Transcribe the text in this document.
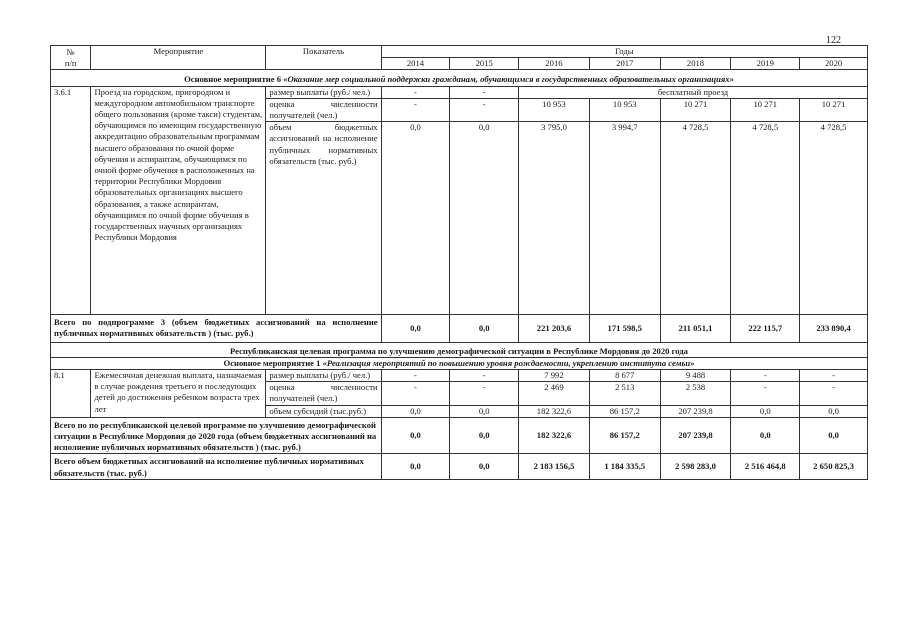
122
№
п/п	Мероприятие	Показатель	Годы						
			2014	2015	2016	2017	2018	2019	2020
Основное мероприятие 6 «Оказание мер социальной поддержки гражданам, обучающимся в государственных образовательных организациях»									
3.6.1	Проезд на городском, пригородном и междугородном автомобильном транспорте общего пользования (кроме такси) студентам, обучающимся по имеющим государственную аккредитацию образовательным программам высшего образования по очной форме обучения и аспирантам, обучающимся по очной форме обучения в расположенных на территории Республики Мордовия образовательных организациях высшего образования, а также аспирантам, обучающимся по очной форме обучения в государственных научных организациях Республики Мордовия	размер выплаты (руб./ чел.)	-	-	бесплатный проезд				
		оценка численности получателей (чел.)	-	-	10 953	10 953	10 271	10 271	10 271
		объем бюджетных ассигнований на исполнение публичных нормативных обязательств (тыс. руб.)	0,0	0,0	3 795,0	3 994,7	4 728,5	4 728,5	4 728,5
Всего по подпрограмме 3 (объем бюджетных ассигнований на исполнение публичных нормативных обязательств ) (тыс. руб.)			0,0	0,0	221 203,6	171 598,5	211 051,1	222 115,7	233 890,4
Республиканская целевая программа по улучшению демографической ситуации в Республике Мордовия до 2020 года									
Основное мероприятие 1 «Реализация мероприятий по повышению уровня рождаемости, укреплению института семьи»									
8.1	Ежемесячная денежная выплата, назначаемая в случае рождения третьего и последующих детей до достижения ребенком возраста трех лет	размер выплаты (руб./ чел.)	-	-	7 992	8 677	9 488	-	-
		оценка численности получателей (чел.)	-	-	2 469	2 513	2 538	-	-
		объем субсидий (тыс.руб.)	0,0	0,0	182 322,6	86 157,2	207 239,8	0,0	0,0
Всего по по республиканской целевой программе по улучшению демографической ситуации в Республике Мордовия до 2020 года (объем бюджетных ассигнований на исполнение публичных нормативных обязательств ) (тыс. руб.)			0,0	0,0	182 322,6	86 157,2	207 239,8	0,0	0,0
Всего объем бюджетных ассигнований на исполнение публичных нормативных обязательств (тыс. руб.)			0,0	0,0	2 183 156,5	1 184 335,5	2 598 283,0	2 516 464,8	2 650 825,3
